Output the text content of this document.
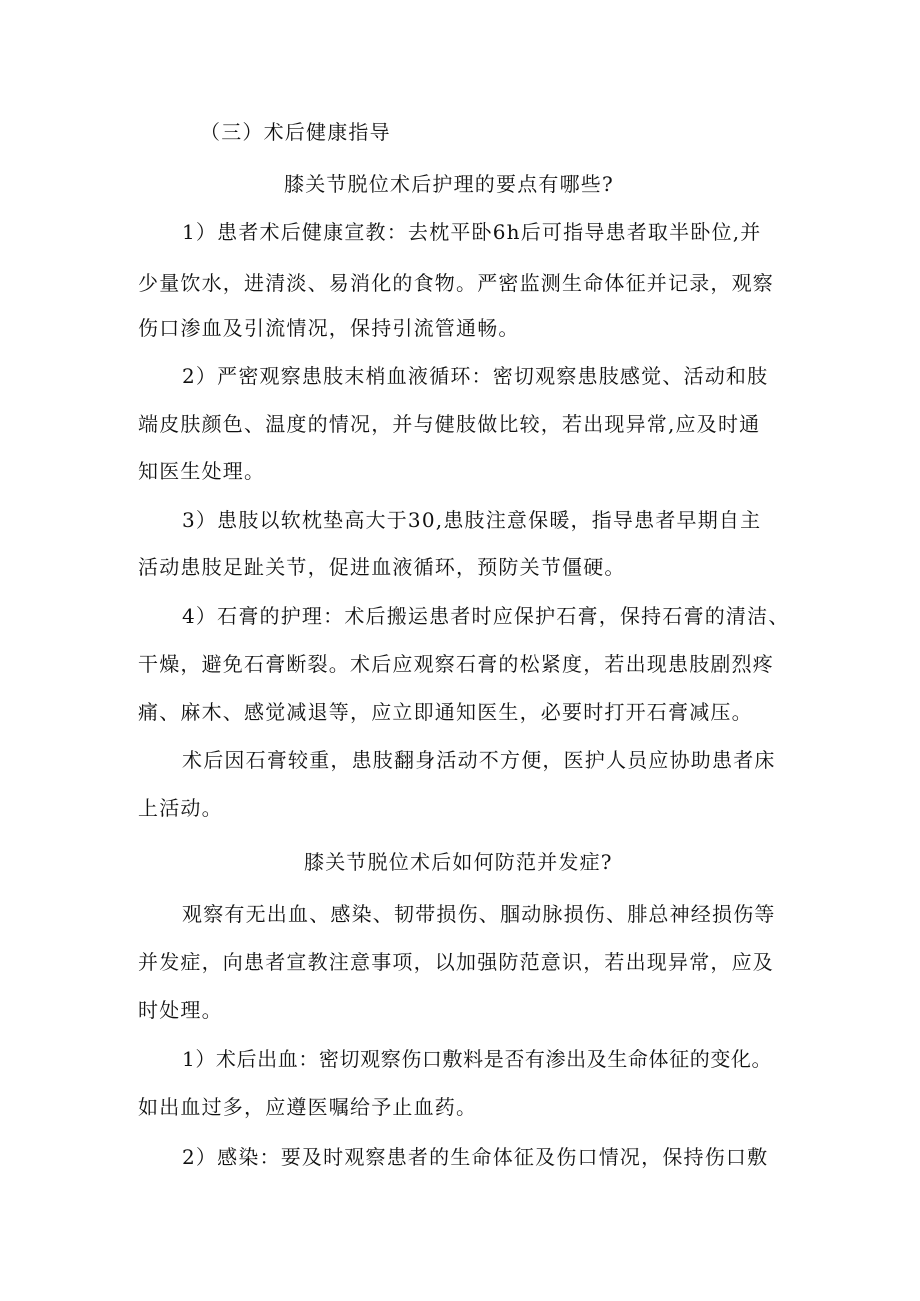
（三）术后健康指导
膝关节脱位术后护理的要点有哪些?
1）患者术后健康宣教：去枕平卧6h后可指导患者取半卧位,并
少量饮水，进清淡、易消化的食物。严密监测生命体征并记录，观察
伤口渗血及引流情况，保持引流管通畅。
2）严密观察患肢末梢血液循环：密切观察患肢感觉、活动和肢
端皮肤颜色、温度的情况，并与健肢做比较，若出现异常,应及时通
知医生处理。
3）患肢以软枕垫高大于30,患肢注意保暖，指导患者早期自主
活动患肢足趾关节，促进血液循环，预防关节僵硬。
4）石膏的护理：术后搬运患者时应保护石膏，保持石膏的清洁、
干燥，避免石膏断裂。术后应观察石膏的松紧度，若出现患肢剧烈疼
痛、麻木、感觉减退等，应立即通知医生，必要时打开石膏减压。
术后因石膏较重，患肢翻身活动不方便，医护人员应协助患者床
上活动。
膝关节脱位术后如何防范并发症?
观察有无出血、感染、韧带损伤、腘动脉损伤、腓总神经损伤等
并发症，向患者宣教注意事项，以加强防范意识，若出现异常，应及
时处理。
1）术后出血：密切观察伤口敷料是否有渗出及生命体征的变化。
如出血过多，应遵医嘱给予止血药。
2）感染：要及时观察患者的生命体征及伤口情况，保持伤口敷
